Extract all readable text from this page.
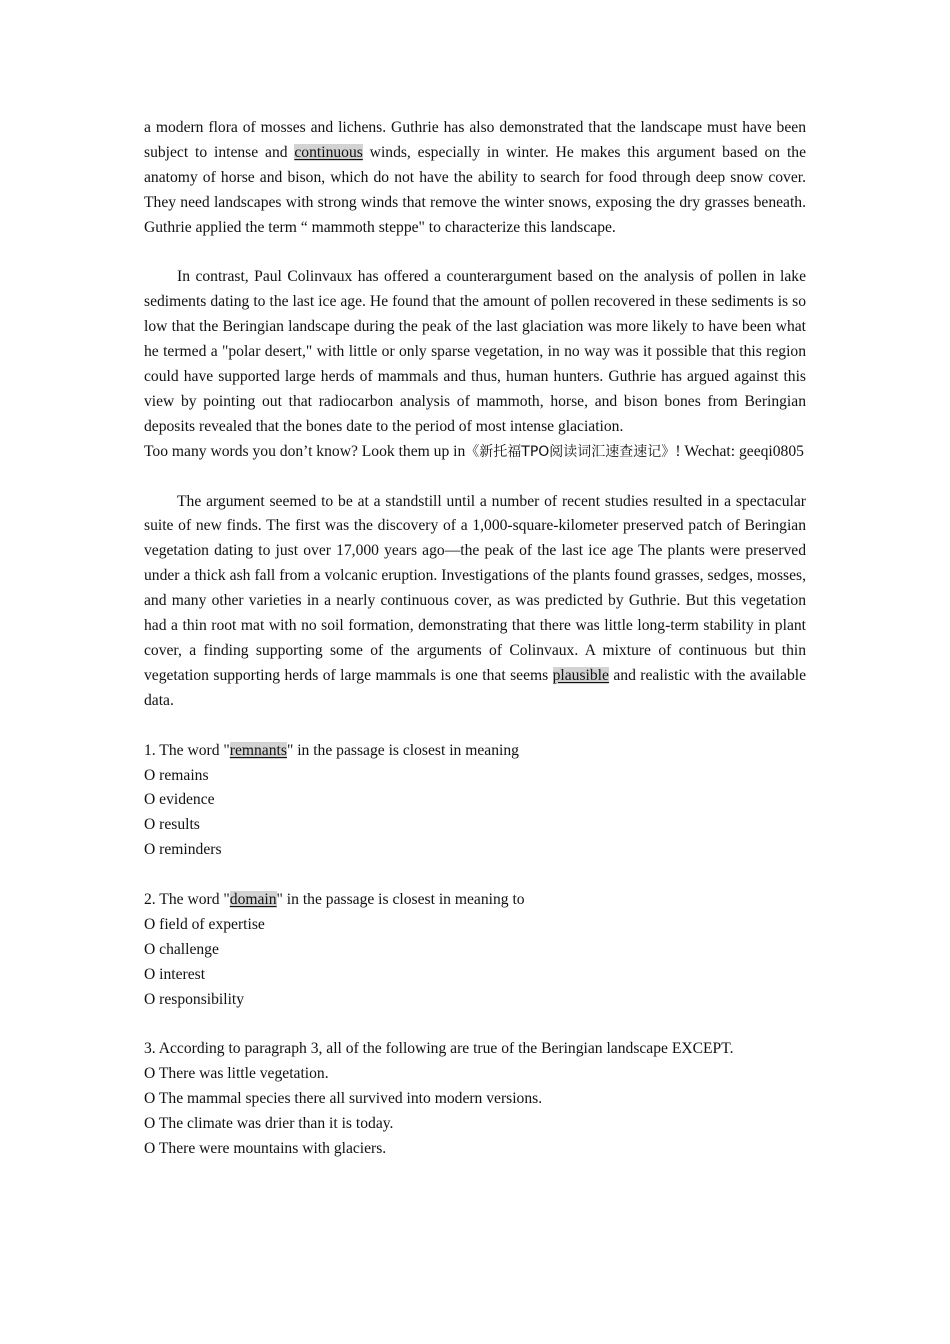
a modern flora of mosses and lichens. Guthrie has also demonstrated that the landscape must have been subject to intense and continuous winds, especially in winter. He makes this argument based on the anatomy of horse and bison, which do not have the ability to search for food through deep snow cover. They need landscapes with strong winds that remove the winter snows, exposing the dry grasses beneath. Guthrie applied the term “ mammoth steppe" to characterize this landscape.

In contrast, Paul Colinvaux has offered a counterargument based on the analysis of pollen in lake sediments dating to the last ice age. He found that the amount of pollen recovered in these sediments is so low that the Beringian landscape during the peak of the last glaciation was more likely to have been what he termed a "polar desert," with little or only sparse vegetation, in no way was it possible that this region could have supported large herds of mammals and thus, human hunters. Guthrie has argued against this view by pointing out that radiocarbon analysis of mammoth, horse, and bison bones from Beringian deposits revealed that the bones date to the period of most intense glaciation.

Too many words you don’t know? Look them up in《新托福TPO阅读词汇速查速记》! Wechat: geeqi0805

The argument seemed to be at a standstill until a number of recent studies resulted in a spectacular suite of new finds. The first was the discovery of a 1,000-square-kilometer preserved patch of Beringian vegetation dating to just over 17,000 years ago—the peak of the last ice age The plants were preserved under a thick ash fall from a volcanic eruption. Investigations of the plants found grasses, sedges, mosses, and many other varieties in a nearly continuous cover, as was predicted by Guthrie. But this vegetation had a thin root mat with no soil formation, demonstrating that there was little long-term stability in plant cover, a finding supporting some of the arguments of Colinvaux. A mixture of continuous but thin vegetation supporting herds of large mammals is one that seems plausible and realistic with the available data.

1. The word "remnants" in the passage is closest in meaning

O remains

O evidence

O results

O reminders

2. The word "domain" in the passage is closest in meaning to

O field of expertise

O challenge

O interest

O responsibility

3. According to paragraph 3, all of the following are true of the Beringian landscape EXCEPT.

O There was little vegetation.

O The mammal species there all survived into modern versions.

O The climate was drier than it is today.

O There were mountains with glaciers.
